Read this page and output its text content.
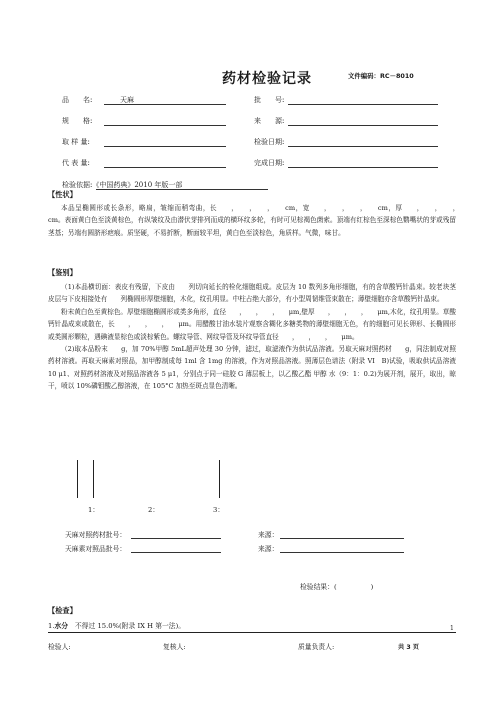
药材检验记录	文件编码：RC－8010
品　　名:	天麻	批　　号:
规　　格:	来　　源:
取 样 量:	检验日期:
代 表 量:	完成日期:
检验依据:《中国药典》2010 年版一部
【性状】

本品呈椭圆形或长条形，略扁，皱缩而稍弯曲，长　　，　　，　　，　　cm，宽　　，　　，　　，　　cm，厚　　，　　，　　，　　cm。表面黄白色至淡黄棕色，有纵皱纹及由潜伏芽排列而成的横环纹多轮，有时可见棕褐色菌索。顶端有红棕色至深棕色鹦嘴状的芽或残留茎基；另端有圆脐形疤痕。质坚硬，不易折断，断面较平坦，黄白色至淡棕色，角质样。气微，味甘。

【鉴别】

（1)本品横切面：表皮有残留，下皮由　　列切向延长的栓化细胞组成。皮层为 10 数列多角形细胞，有的含草酸钙针晶束。较老块茎皮层与下皮相接处有　　列椭圆形厚壁细胞，木化，纹孔明显。中柱占绝大部分，有小型周韧维管束散在；薄壁细胞亦含草酸钙针晶束。

粉末黄白色至黄棕色。厚壁细胞椭圆形或类多角形，直径　　，　　，　　，　　μm,壁厚　　，　　，　　，　　μm,木化，纹孔明显。草酸钙针晶成束或散在，长　　，　　，　　，　　μm。用醋酸甘油水装片观察含糊化多糖类物的薄壁细胞无色，有的细胞可见长卵形、长椭圆形或类圆形颗粒，遇碘液显棕色或淡棕紫色。螺纹导管、网纹导管及环纹导管直径　　，　　，　　，　　μm。

（2)取本品粉末　　g，加 70%甲醇 5mL超声处理 30 分钟，滤过，取滤液作为供试品溶液。另取天麻对照药材　　g，同法制成对照药材溶液。再取天麻素对照品，加甲醇制成每 1ml 含 1mg 的溶液，作为对照品溶液。照薄层色谱法（附录 VI　B)试验，吸取供试品溶液 10 μ1、对照药材溶液及对照品溶液各 5 μ1，分别点于同一硅胶 G 薄层板上，以乙酸乙酯 甲醇 水（9：1：0.2)为展开剂，展开，取出，晾干，喷以 10%磷钼酸乙醇溶液，在 105°C 加热至斑点显色清晰。

1：	2：	3：
天麻对照药材批号：	来源：
天麻素对照品批号：	来源：
检验结果：(　　　　　)
【检查】
1.水分　 不得过 15.0%(附录 IX H 第一法)。
检验人:	复核人:	质量负责人:	共 3 页
1
